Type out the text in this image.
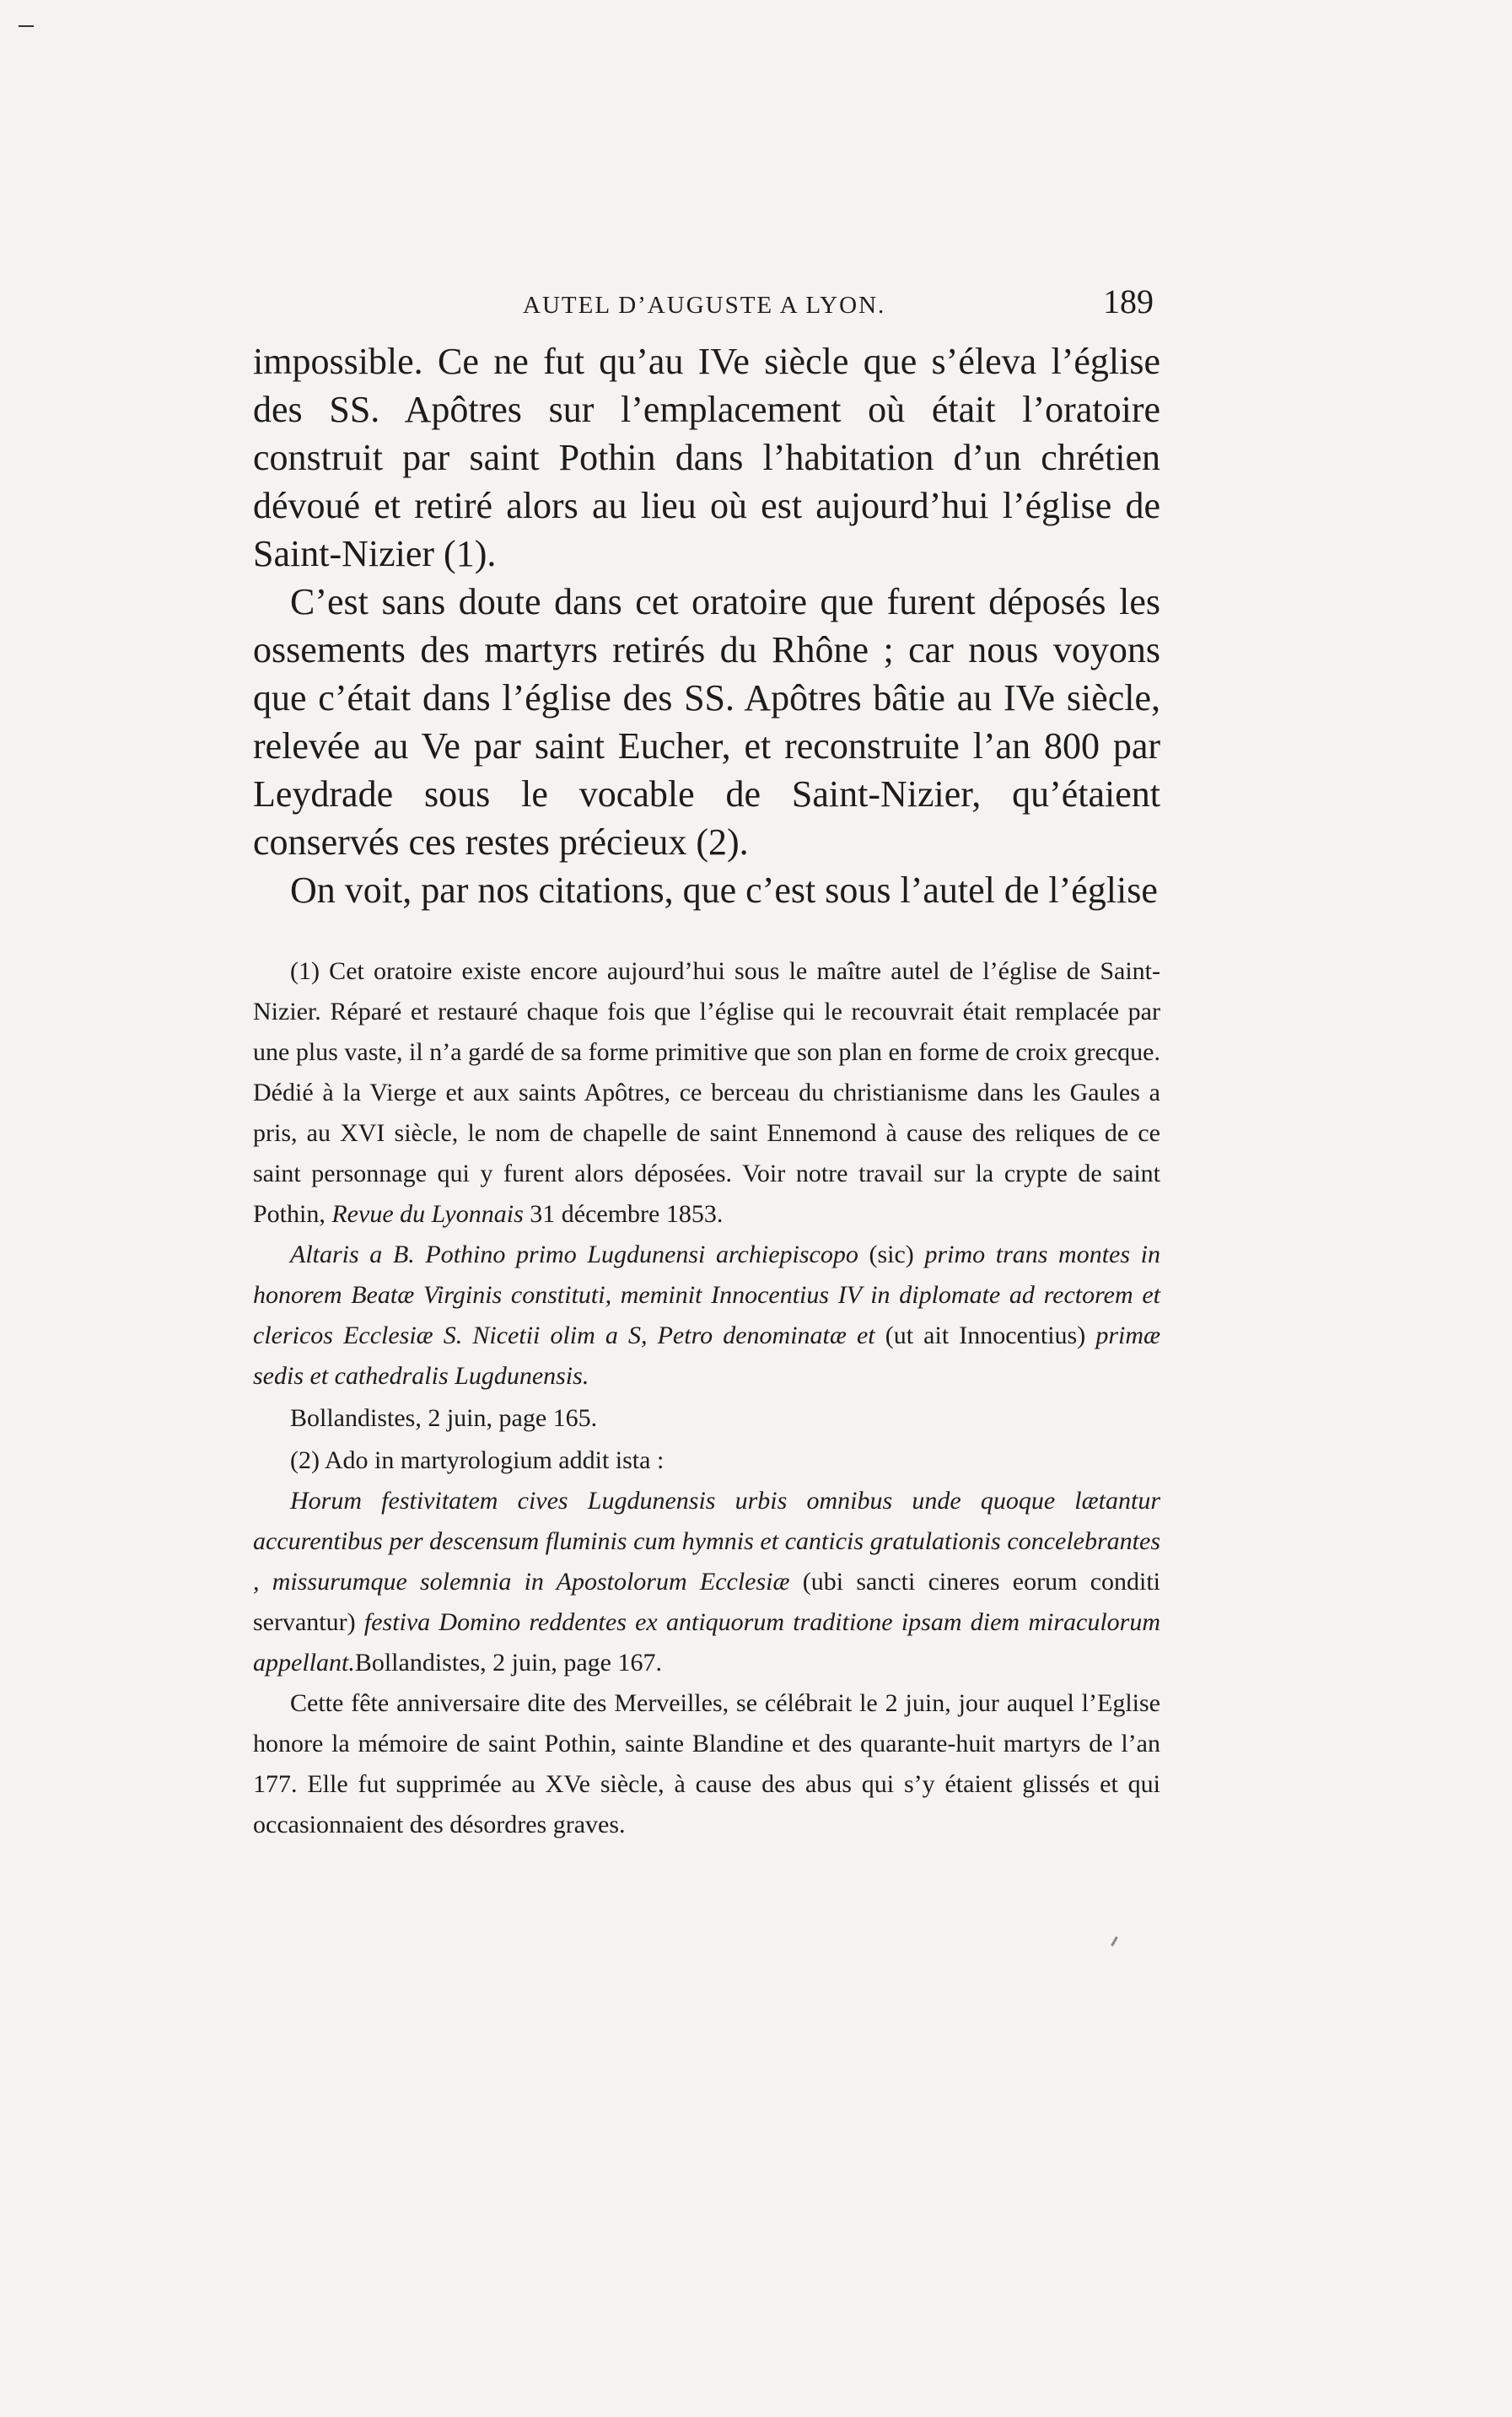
AUTEL D’AUGUSTE A LYON.	189

impossible. Ce ne fut qu’au IVe siècle que s’éleva l’église des SS. Apôtres sur l’emplacement où était l’oratoire construit par saint Pothin dans l’habitation d’un chrétien dévoué et retiré alors au lieu où est aujourd’hui l’église de Saint-Nizier (1).

C’est sans doute dans cet oratoire que furent déposés les ossements des martyrs retirés du Rhône ; car nous voyons que c’était dans l’église des SS. Apôtres bâtie au IVe siècle, relevée au Ve par saint Eucher, et reconstruite l’an 800 par Leydrade sous le vocable de Saint-Nizier, qu’étaient conservés ces restes précieux (2).

On voit, par nos citations, que c’est sous l’autel de l’église

(1) Cet oratoire existe encore aujourd’hui sous le maître autel de l’église de Saint-Nizier. Réparé et restauré chaque fois que l’église qui le recouvrait était remplacée par une plus vaste, il n’a gardé de sa forme primitive que son plan en forme de croix grecque. Dédié à la Vierge et aux saints Apôtres, ce berceau du christianisme dans les Gaules a pris, au XVI siècle, le nom de chapelle de saint Ennemond à cause des reliques de ce saint personnage qui y furent alors déposées. Voir notre travail sur la crypte de saint Pothin, Revue du Lyonnais 31 décembre 1853.

Altaris a B. Pothino primo Lugdunensi archiepiscopo (sic) primo trans montes in honorem Beatæ Virginis constituti, meminit Innocentius IV in diplomate ad rectorem et clericos Ecclesiæ S. Nicetii olim a S, Petro denominatæ et (ut ait Innocentius) primæ sedis et cathedralis Lugdunensis.

Bollandistes, 2 juin, page 165.

(2) Ado in martyrologium addit ista :

Horum festivitatem cives Lugdunensis urbis omnibus unde quoque lætantur accurentibus per descensum fluminis cum hymnis et canticis gratulationis concelebrantes , missurumque solemnia in Apostolorum Ecclesiæ (ubi sancti cineres eorum conditi servantur) festiva Domino reddentes ex antiquorum traditione ipsam diem miraculorum appellant.Bollandistes, 2 juin, page 167.

Cette fête anniversaire dite des Merveilles, se célébrait le 2 juin, jour auquel l’Eglise honore la mémoire de saint Pothin, sainte Blandine et des quarante-huit martyrs de l’an 177. Elle fut supprimée au XVe siècle, à cause des abus qui s’y étaient glissés et qui occasionnaient des désordres graves.
